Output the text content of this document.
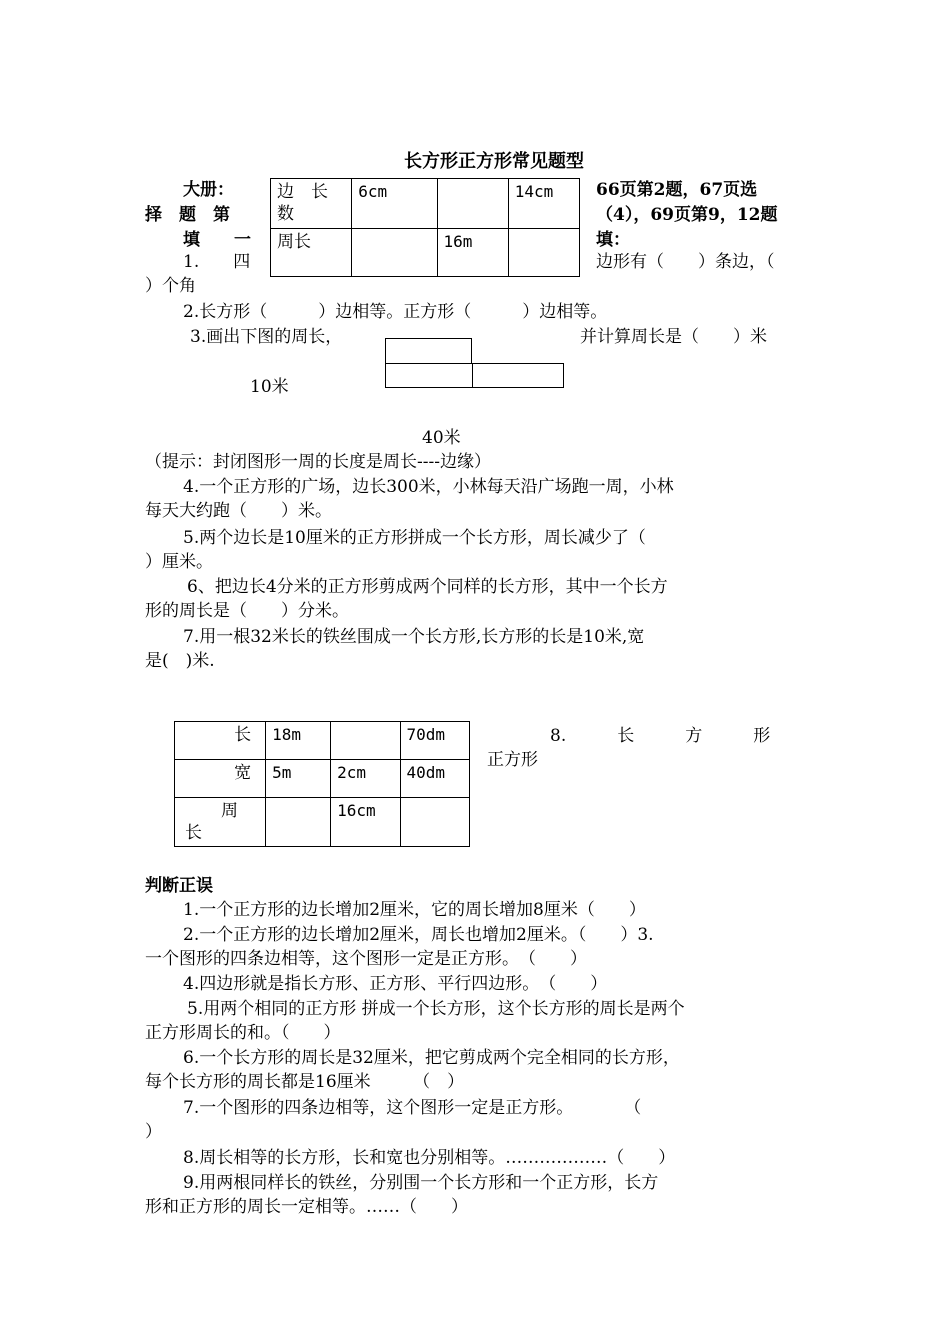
长方形正方形常见题型
大册：
择　题　第
填　　一
66页第2题，67页选
（4），69页第9，12题
填：
边　长
数	6cm		14cm
周长		16m	
1.　　四	边形有（　　）条边，（
）个角
2.长方形（　　　）边相等。正方形（　　　）边相等。
3.画出下图的周长，	并计算周长是（　　）米
10米
40米
（提示：封闭图形一周的长度是周长----边缘）
4.一个正方形的广场，边长300米，小林每天沿广场跑一周，小林
每天大约跑（　　）米。
5.两个边长是10厘米的正方形拼成一个长方形，周长减少了（
）厘米。
6、把边长4分米的正方形剪成两个同样的长方形，其中一个长方
形的周长是（　　）分米。
7.用一根32米长的铁丝围成一个长方形,长方形的长是10米,宽
是(　)米.
长	18m		70dm
宽	5m	2cm	40dm
周
长		16cm	
8.　　　长　　　方　　　形
正方形
判断正误
1.一个正方形的边长增加2厘米，它的周长增加8厘米（　　）
2.一个正方形的边长增加2厘米，周长也增加2厘米。（　　）3.
一个图形的四条边相等，这个图形一定是正方形。　（　　）
4.四边形就是指长方形、正方形、平行四边形。　（　　）
5.用两个相同的正方形 拼成一个长方形，这个长方形的周长是两个
正方形周长的和。（　　）
6.一个长方形的周长是32厘米，把它剪成两个完全相同的长方形，
每个长方形的周长都是16厘米　　　（　）
7.一个图形的四条边相等，这个图形一定是正方形。　　　　（
）
8.周长相等的长方形，长和宽也分别相等。………………（　　）
9.用两根同样长的铁丝，分别围一个长方形和一个正方形，长方
形和正方形的周长一定相等。……（　　）
